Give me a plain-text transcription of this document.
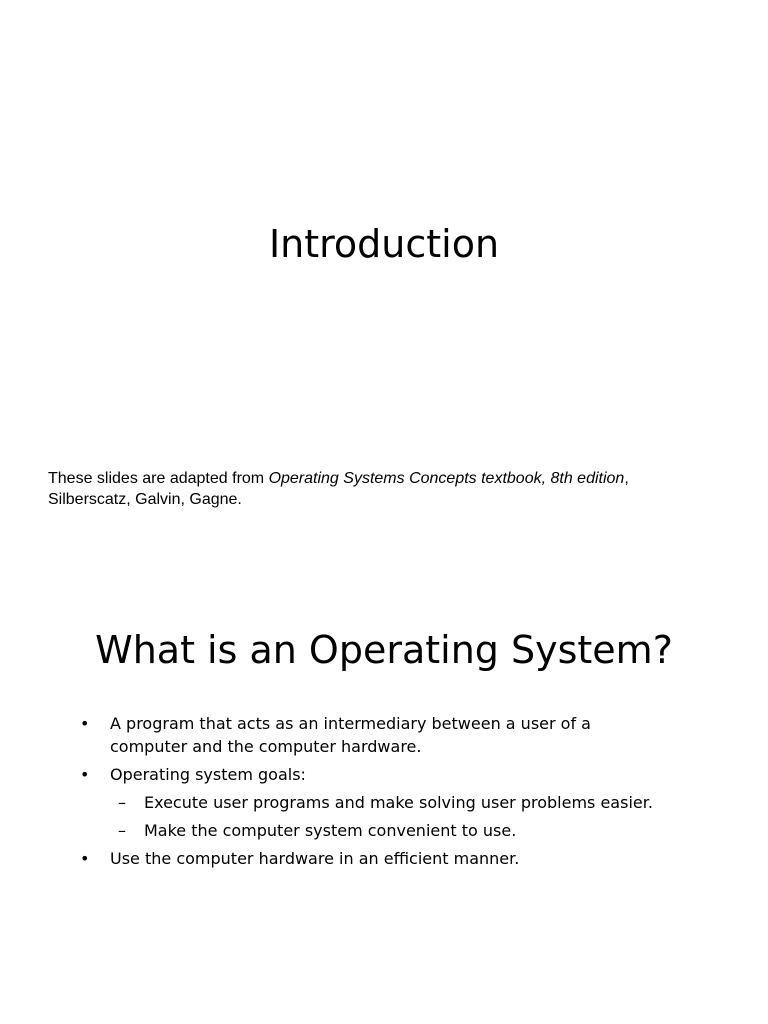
Introduction

These slides are adapted from Operating Systems Concepts textbook, 8th edition, Silberscatz, Galvin, Gagne.

What is an Operating System?
• A program that acts as an intermediary between a user of a computer and the computer hardware.
• Operating system goals:
– Execute user programs and make solving user problems easier.
– Make the computer system convenient to use.
• Use the computer hardware in an efficient manner.
